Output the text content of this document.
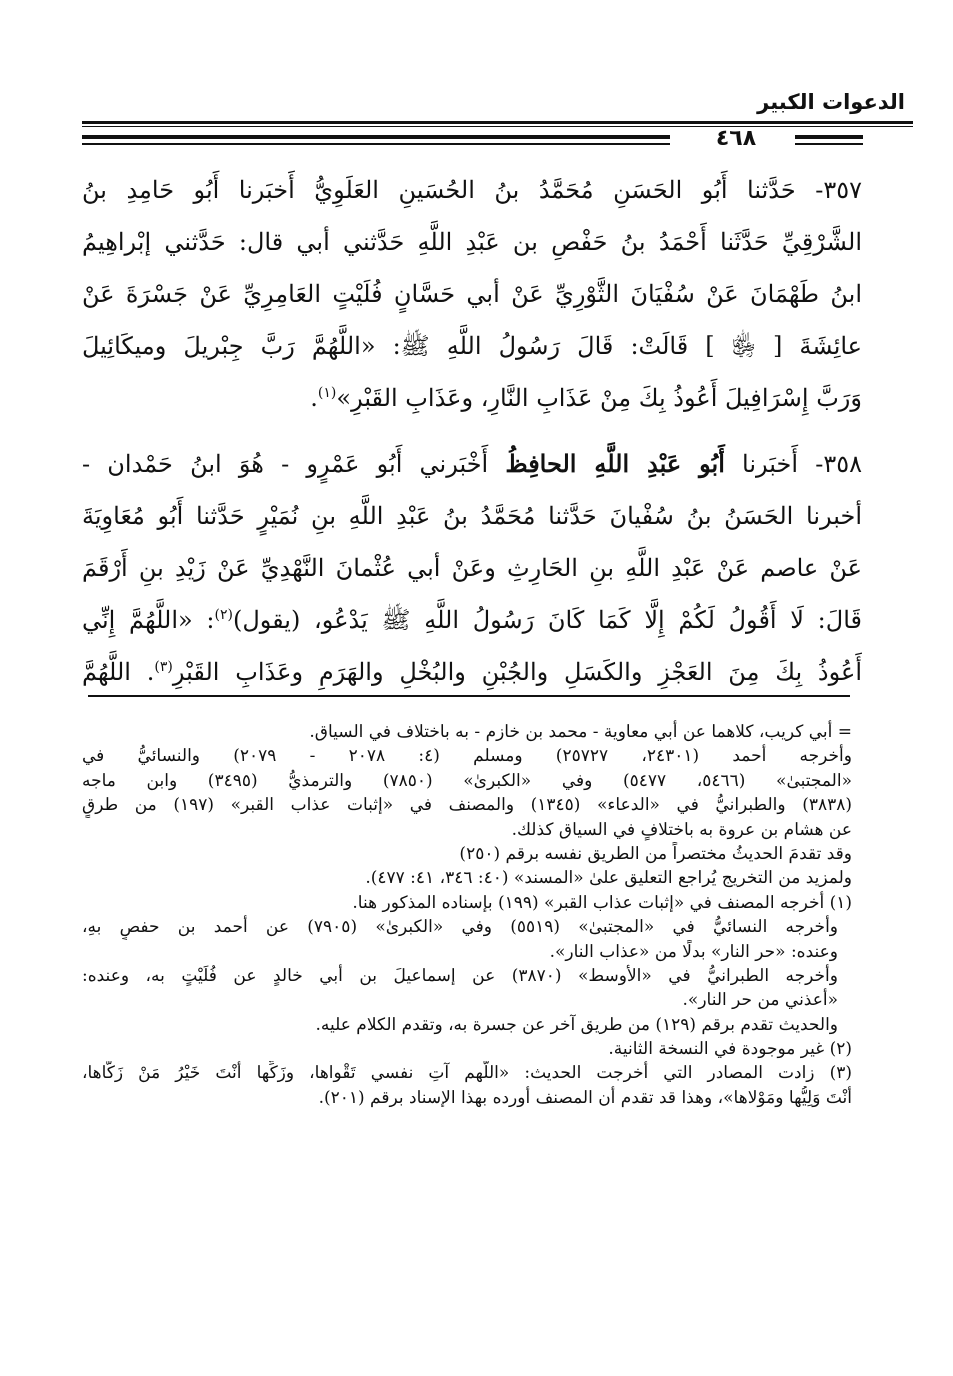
الدعوات الكبير
٤٦٨
٣٥٧- حَدَّثنا أَبُو الحَسَنِ مُحَمَّدُ بنُ الحُسَينِ العَلَوِيُّ أَخبَرنا أَبُو حَامِدِ بنُ
الشَّرْقِيِّ حَدَّثَنا أَحْمَدُ بنُ حَفْصِ بن عَبْدِ اللَّهِ حَدَّثني أبي قال: حَدَّثني إبْراهِيمُ
ابنُ طَهْمَانَ عَنْ سُفْيَانَ الثَّوْرِيِّ عَنْ أبي حَسَّانٍ فُلَيْتٍ العَامِرِيِّ عَنْ جَسْرَةَ عَنْ
عائِشَةَ [ ﵂ ] قَالَتْ: قَالَ رَسُولُ اللَّهِ ﷺ: «اللَّهُمَّ رَبَّ جِبْريلَ وميكَائِيلَ
وَرَبَّ إِسْرَافِيلَ أَعُوذُ بِكَ مِنْ عَذَابِ النَّارِ، وعَذَابِ القَبْرِ»$^{(١)}$.
٣٥٨- أَخبَرنا أَبُو عَبْدِ اللَّهِ الحافِظُ أَخْبَرني أَبُو عَمْرٍو - هُوَ ابنُ حَمْدان -
أخبرنا الحَسَنُ بنُ سُفْيانَ حَدَّثنا مُحَمَّدُ بنُ عَبْدِ اللَّهِ بنِ نُمَيْرٍ حَدَّثنا أَبُو مُعَاوِيَةَ
عَنْ عاصم عَنْ عَبْدِ اللَّهِ بنِ الحَارِثِ وعَنْ أبي عُثْمانَ النَّهْدِيِّ عَنْ زَيْدِ بنِ أَرْقَمَ
قَالَ: لَا أَقُولُ لَكُمْ إِلَّا كَمَا كَانَ رَسُولُ اللَّهِ ﷺ يَدْعُو، (يقول)$^{(٢)}$: «اللَّهُمَّ إِنِّي
أَعُوذُ بِكَ مِنَ العَجْزِ والكَسَلِ والجُبْنِ والبُخْلِ والهَرَمِ وعَذَابِ القَبْرِ$^{(٣)}$. اللَّهُمَّ
= أبي كريب، كلاهما عن أبي معاوية - محمد بن خازم - به باختلاف في السياق.
وأخرجه أحمد (٢٤٣٠١، ٢٥٧٢٧) ومسلم (٤: ٢٠٧٨ - ٢٠٧٩) والنسائيُّ في
«المجتبىٰ» (٥٤٦٦، ٥٤٧٧) وفي «الكبرىٰ» (٧٨٥٠) والترمذيُّ (٣٤٩٥) وابن ماجه
(٣٨٣٨) والطبرانيُّ في «الدعاء» (١٣٤٥) والمصنف في «إثبات عذاب القبر» (١٩٧) من طرقٍ
عن هشام بن عروة به باختلافٍ في السياق كذلك.
وقد تقدمَ الحديثُ مختصراً من الطريق نفسه برقم (٢٥٠)
ولمزيد من التخريج يُراجع التعليق علىٰ «المسند» (٤٠: ٣٤٦، ٤١: ٤٧٧).
(١) أخرجه المصنف في «إثبات عذاب القبر» (١٩٩) بإسناده المذكور هنا.
وأخرجه النسائيُّ في «المجتبىٰ» (٥٥١٩) وفي «الكبرىٰ» (٧٩٠٥) عن أحمد بن حفصٍ بهِ،
وعنده: «حر النار» بدلًا من «عذاب النار».
وأخرجه الطبرانيُّ في «الأوسط» (٣٨٧٠) عن إسماعيلَ بن أبي خالدٍ عن فُلَيْتٍ به، وعنده:
«أعذني من حر النار».
والحديث تقدم برقم (١٢٩) من طريق آخر عن جسرة به، وتقدم الكلام عليه.
(٢) غير موجودة في النسخة الثانية.
(٣) زادت المصادر التي أخرجت الحديث: «اللَّهم آتِ نفسي تَقْواها، وزَكِّها أَنْتَ خَيْرُ مَنْ زَكَّاها،
أَنْتَ وَلِيُّها ومَوْلاها»، وهذا قد تقدم أن المصنف أورده بهذا الإسناد برقم (٢٠١).
